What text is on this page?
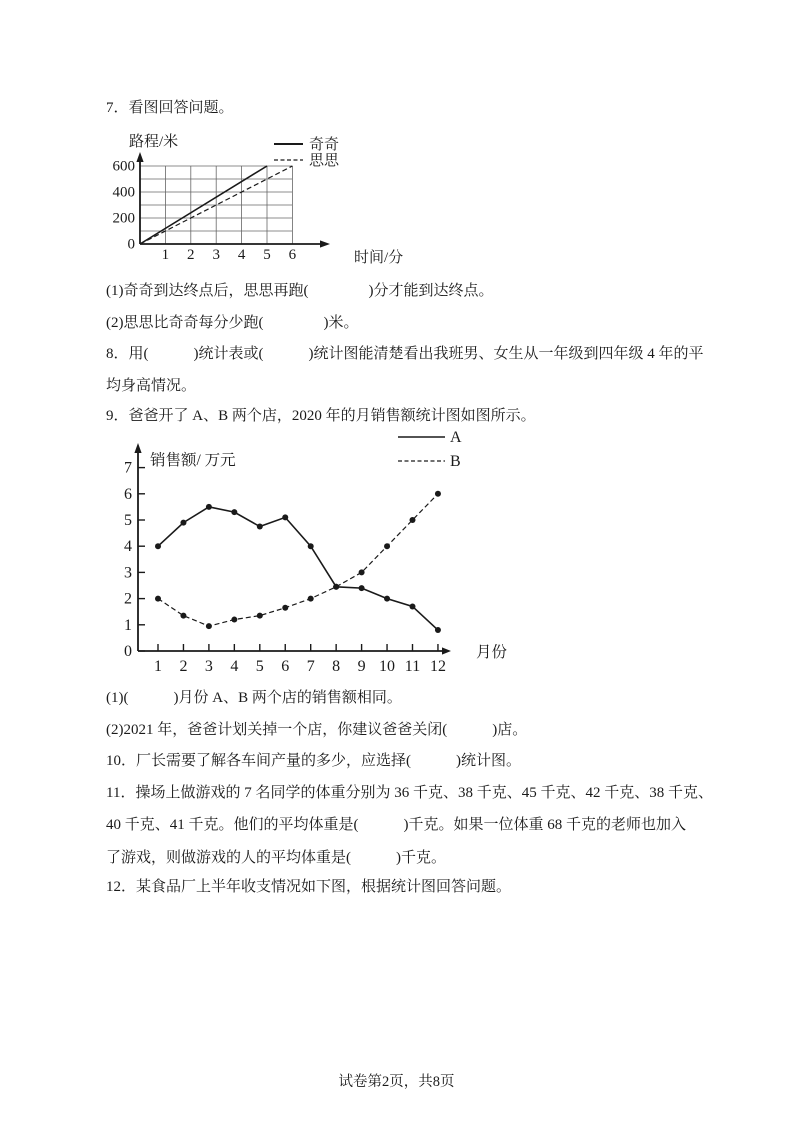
7．看图回答问题。
0
200
400
600
1 2 3 4 5 6
路程/米
时间/分
奇奇
思思
(1)奇奇到达终点后，思思再跑(　　　　)分才能到达终点。
(2)思思比奇奇每分少跑(　　　　)米。
8．用(　　　)统计表或(　　　)统计图能清楚看出我班男、女生从一年级到四年级 4 年的平
均身高情况。
9．爸爸开了 A、B 两个店，2020 年的月销售额统计图如图所示。
0
1
2
3
4
5
6
7
1 2 3 4 5 6 7 8 9 10 11 12
销售额/ 万元
月份
A
B
(1)(　　　)月份 A、B 两个店的销售额相同。
(2)2021 年，爸爸计划关掉一个店，你建议爸爸关闭(　　　)店。
10．厂长需要了解各车间产量的多少，应选择(　　　)统计图。
11．操场上做游戏的 7 名同学的体重分别为 36 千克、38 千克、45 千克、42 千克、38 千克、
40 千克、41 千克。他们的平均体重是(　　　)千克。如果一位体重 68 千克的老师也加入
了游戏，则做游戏的人的平均体重是(　　　)千克。
12．某食品厂上半年收支情况如下图，根据统计图回答问题。
试卷第2页，共8页
